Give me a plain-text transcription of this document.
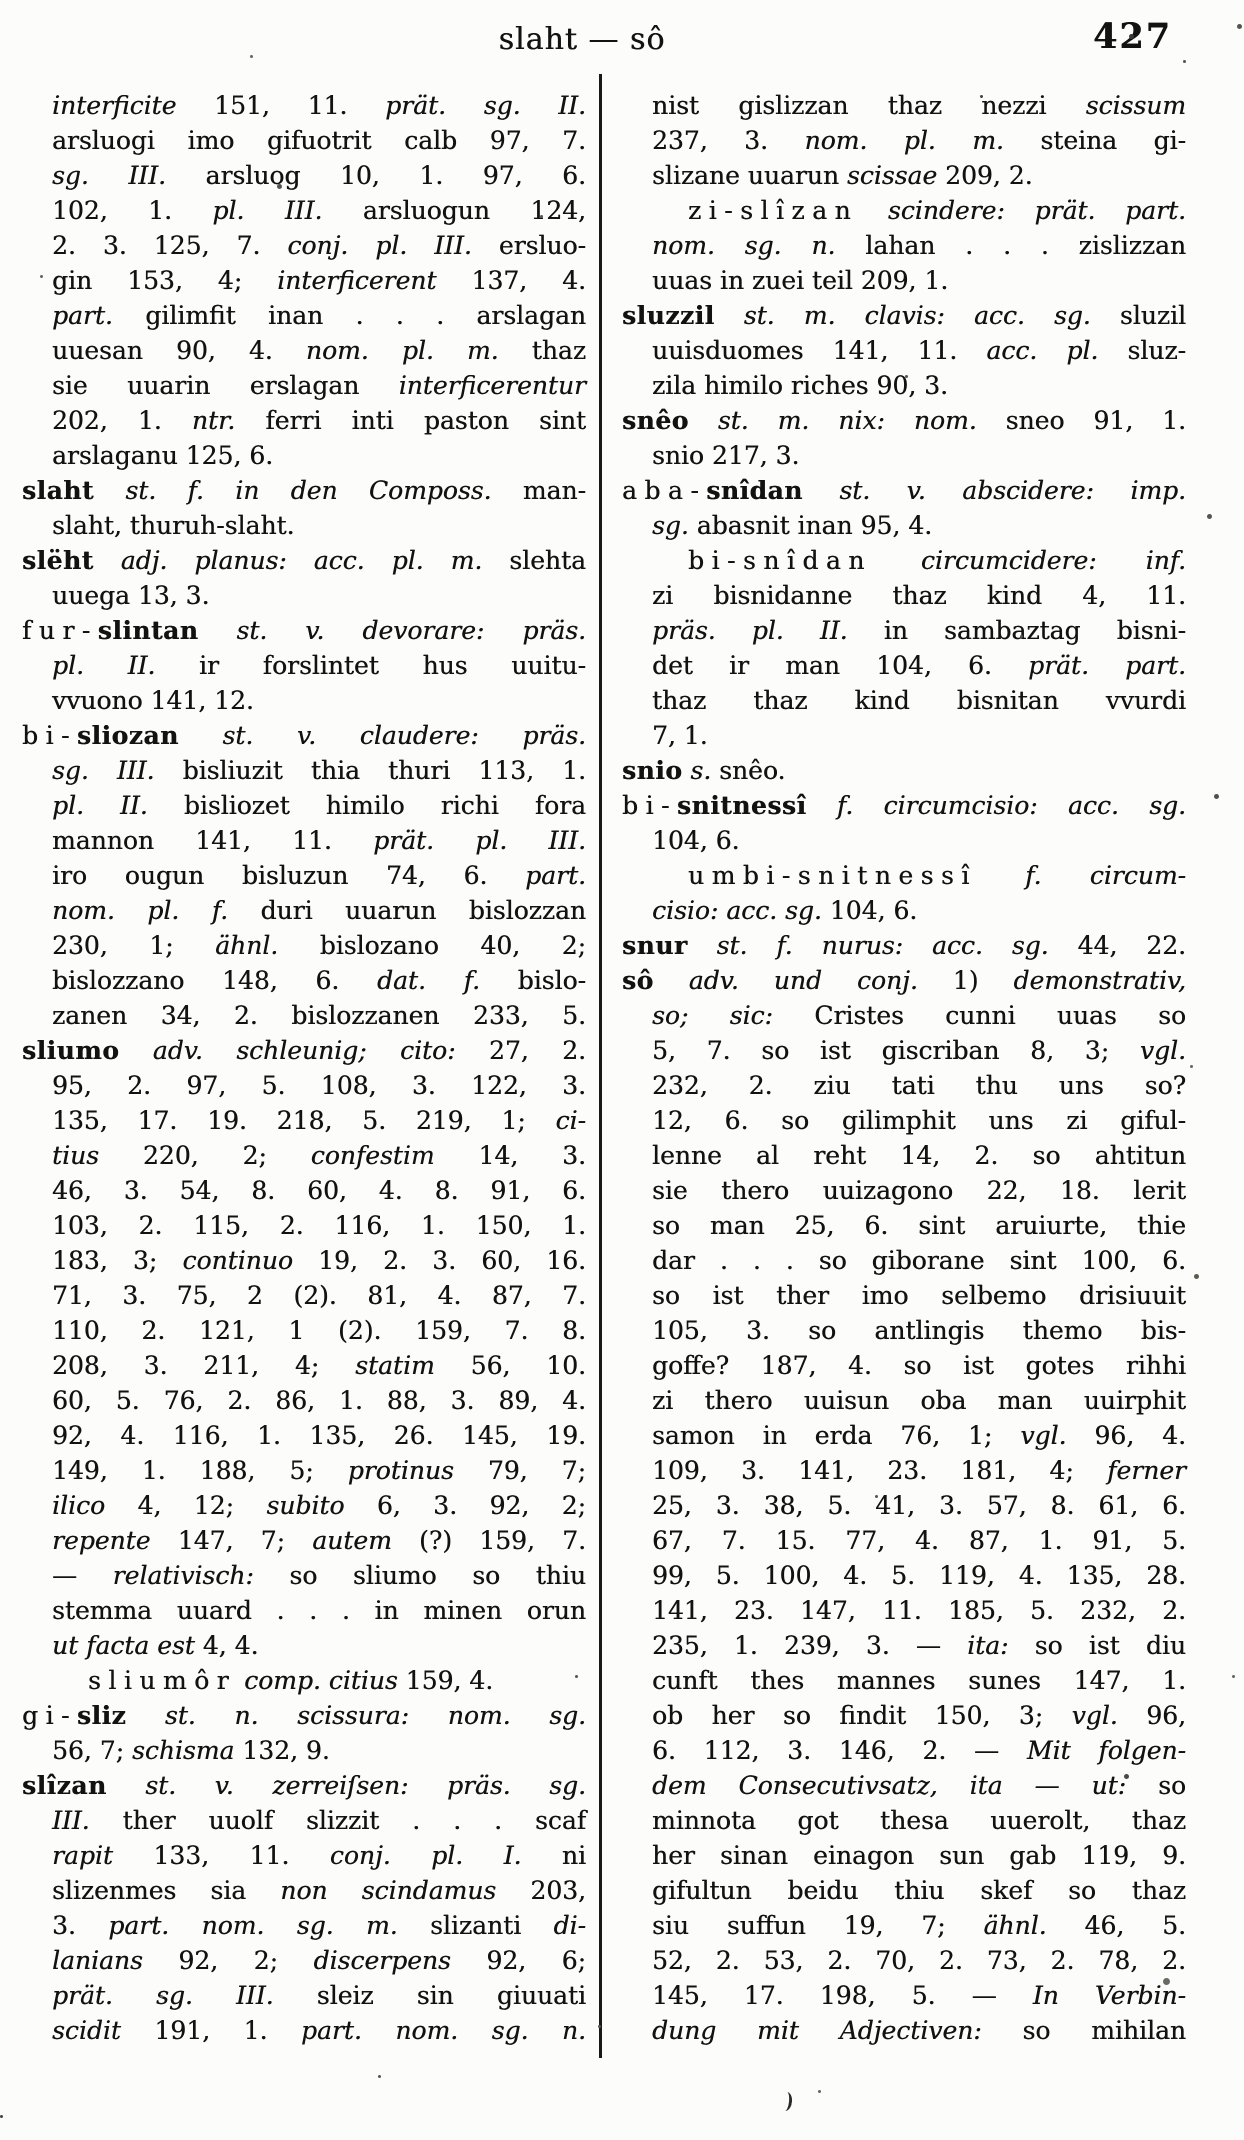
slaht — sô	427
interficite 151, 11. prät. sg. II.
arsluogi imo gifuotrit calb 97, 7.
sg. III. arsluog 10, 1. 97, 6.
102, 1. pl. III. arsluogun 124,
2. 3. 125, 7. conj. pl. III. ersluo-
gin 153, 4; interficerent 137, 4.
part. gilimfit inan . . . arslagan
uuesan 90, 4. nom. pl. m. thaz
sie uuarin erslagan interficerentur
202, 1. ntr. ferri inti paston sint
arslaganu 125, 6.
slaht st. f. in den Composs. man-
slaht, thuruh-slaht.
slëht adj. planus: acc. pl. m. slehta
uuega 13, 3.
fur-slintan st. v. devorare: präs.
pl. II. ir forslintet hus uuitu-
vvuono 141, 12.
bi-sliozan st. v. claudere: präs.
sg. III. bisliuzit thia thuri 113, 1.
pl. II. bisliozet himilo richi fora
mannon 141, 11. prät. pl. III.
iro ougun bisluzun 74, 6. part.
nom. pl. f. duri uuarun bislozzan
230, 1; ähnl. bislozano 40, 2;
bislozzano 148, 6. dat. f. bislo-
zanen 34, 2. bislozzanen 233, 5.
sliumo adv. schleunig; cito: 27, 2.
95, 2. 97, 5. 108, 3. 122, 3.
135, 17. 19. 218, 5. 219, 1; ci-
tius 220, 2; confestim 14, 3.
46, 3. 54, 8. 60, 4. 8. 91, 6.
103, 2. 115, 2. 116, 1. 150, 1.
183, 3; continuo 19, 2. 3. 60, 16.
71, 3. 75, 2 (2). 81, 4. 87, 7.
110, 2. 121, 1 (2). 159, 7. 8.
208, 3. 211, 4; statim 56, 10.
60, 5. 76, 2. 86, 1. 88, 3. 89, 4.
92, 4. 116, 1. 135, 26. 145, 19.
149, 1. 188, 5; protinus 79, 7;
ilico 4, 12; subito 6, 3. 92, 2;
repente 147, 7; autem (?) 159, 7.
— relativisch: so sliumo so thiu
stemma uuard . . . in minen orun
ut facta est 4, 4.
sliumôr comp. citius 159, 4.
gi-sliz st. n. scissura: nom. sg.
56, 7; schisma 132, 9.
slîzan st. v. zerreiſsen: präs. sg.
III. ther uuolf slizzit . . . scaf
rapit 133, 11. conj. pl. I. ni
slizenmes sia non scindamus 203,
3. part. nom. sg. m. slizanti di-
lanians 92, 2; discerpens 92, 6;
prät. sg. III. sleiz sin giuuati
scidit 191, 1. part. nom. sg. n.
nist gislizzan thaz nezzi scissum
237, 3. nom. pl. m. steina gi-
slizane uuarun scissae 209, 2.
zi-slîzan scindere: prät. part.
nom. sg. n. lahan . . . zislizzan
uuas in zuei teil 209, 1.
sluzzil st. m. clavis: acc. sg. sluzil
uuisduomes 141, 11. acc. pl. sluz-
zila himilo riches 90, 3.
snêo st. m. nix: nom. sneo 91, 1.
snio 217, 3.
aba-snîdan st. v. abscidere: imp.
sg. abasnit inan 95, 4.
bi-snîdan circumcidere: inf.
zi bisnidanne thaz kind 4, 11.
präs. pl. II. in sambaztag bisni-
det ir man 104, 6. prät. part.
thaz thaz kind bisnitan vvurdi
7, 1.
snio s. snêo.
bi-snitnessî f. circumcisio: acc. sg.
104, 6.
umbi-snitnessî f. circum-
cisio: acc. sg. 104, 6.
snur st. f. nurus: acc. sg. 44, 22.
sô adv. und conj. 1) demonstrativ,
so; sic: Cristes cunni uuas so
5, 7. so ist giscriban 8, 3; vgl.
232, 2. ziu tati thu uns so?
12, 6. so gilimphit uns zi giful-
lenne al reht 14, 2. so ahtitun
sie thero uuizagono 22, 18. lerit
so man 25, 6. sint aruiurte, thie
dar . . . so giborane sint 100, 6.
so ist ther imo selbemo drisiuuit
105, 3. so antlingis themo bis-
goffe? 187, 4. so ist gotes rihhi
zi thero uuisun oba man uuirphit
samon in erda 76, 1; vgl. 96, 4.
109, 3. 141, 23. 181, 4; ferner
25, 3. 38, 5. 41, 3. 57, 8. 61, 6.
67, 7. 15. 77, 4. 87, 1. 91, 5.
99, 5. 100, 4. 5. 119, 4. 135, 28.
141, 23. 147, 11. 185, 5. 232, 2.
235, 1. 239, 3. — ita: so ist diu
cunft thes mannes sunes 147, 1.
ob her so findit 150, 3; vgl. 96,
6. 112, 3. 146, 2. — Mit folgen-
dem Consecutivsatz, ita — ut: so
minnota got thesa uuerolt, thaz
her sinan einagon sun gab 119, 9.
gifultun beidu thiu skef so thaz
siu suffun 19, 7; ähnl. 46, 5.
52, 2. 53, 2. 70, 2. 73, 2. 78, 2.
145, 17. 198, 5. — In Verbin-
dung mit Adjectiven: so mihilan
